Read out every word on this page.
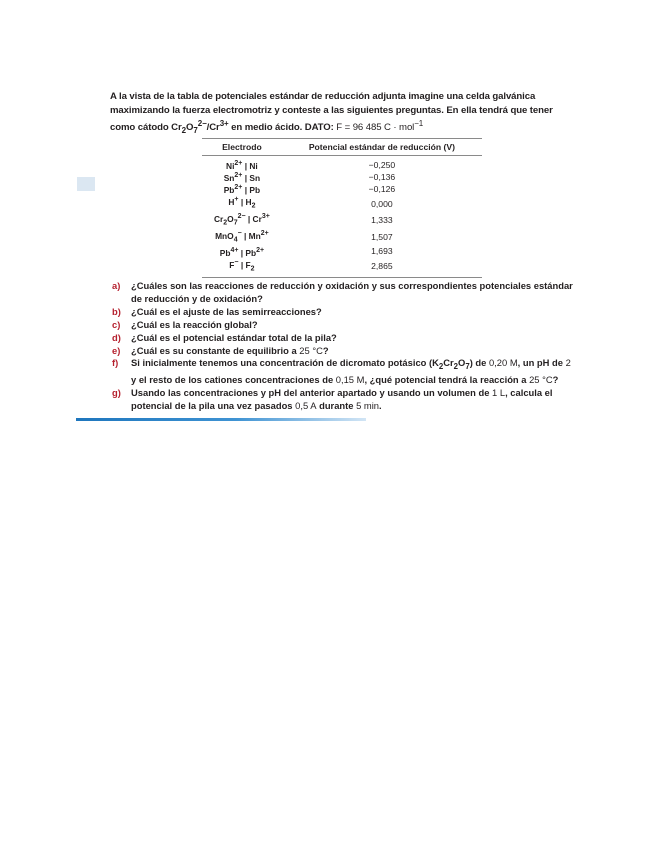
A la vista de la tabla de potenciales estándar de reducción adjunta imagine una celda galvánica maximizando la fuerza electromotriz y conteste a las siguientes preguntas. En ella tendrá que tener como cátodo $Cr_2O_7^{2-}/Cr^{3+}$ en medio ácido. DATO: F = 96 485 C · mol$^{-1}$
Electrodo	Potencial estándar de reducción (V)
$Ni^{2+}$ | Ni	−0,250
$Sn^{2+}$ | Sn	−0,136
$Pb^{2+}$ | Pb	−0,126
H+ | $H_2$	0,000
$Cr_2O_7^{2-}$ | $Cr^{3+}$	1,333
MnO$_4$− | $Mn^{2+}$	1,507
$Pb^{4+}$ | $Pb^{2+}$	1,693
F− | $F_2$	2,865
a)	¿Cuáles son las reacciones de reducción y oxidación y sus correspondientes potenciales estándar de reducción y de oxidación?
b)	¿Cuál es el ajuste de las semirreacciones?
c)	¿Cuál es la reacción global?
d)	¿Cuál es el potencial estándar total de la pila?
e)	¿Cuál es su constante de equilibrio a 25 °C?
f)	Si inicialmente tenemos una concentración de dicromato potásico $(K_2Cr_2O_7)$ de 0,20 M, un pH de 2 y el resto de los cationes concentraciones de 0,15 M, ¿qué potencial tendrá la reacción a 25 °C?
g)	Usando las concentraciones y pH del anterior apartado y usando un volumen de 1 L, calcula el potencial de la pila una vez pasados 0,5 A durante 5 min.
